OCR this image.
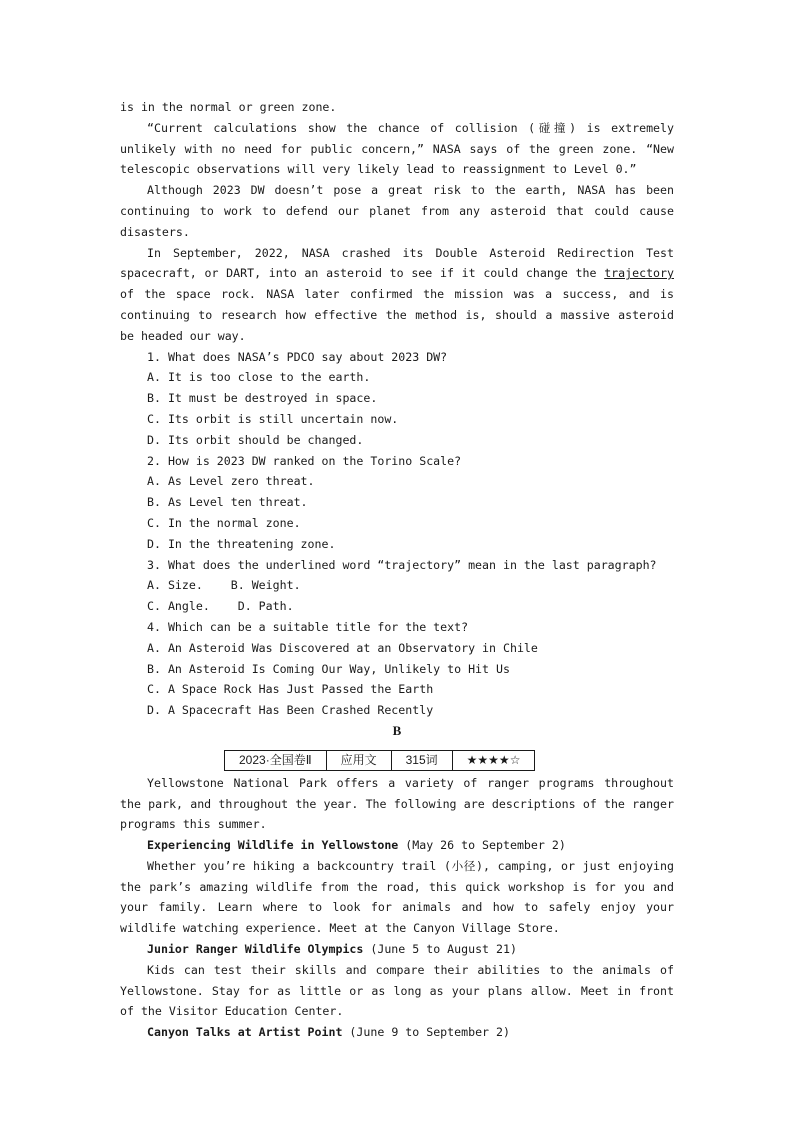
is in the normal or green zone.

“Current calculations show the chance of collision (碰撞) is extremely unlikely with no need for public concern,” NASA says of the green zone. “New telescopic observations will very likely lead to reassignment to Level 0.”

Although 2023 DW doesn’t pose a great risk to the earth, NASA has been continuing to work to defend our planet from any asteroid that could cause disasters.

In September, 2022, NASA crashed its Double Asteroid Redirection Test spacecraft, or DART, into an asteroid to see if it could change the trajectory of the space rock. NASA later confirmed the mission was a success, and is continuing to research how effective the method is, should a massive asteroid be headed our way.

1. What does NASA’s PDCO say about 2023 DW?

A. It is too close to the earth.

B. It must be destroyed in space.

C. Its orbit is still uncertain now.

D. Its orbit should be changed.

2. How is 2023 DW ranked on the Torino Scale?

A. As Level zero threat.

B. As Level ten threat.

C. In the normal zone.

D. In the threatening zone.

3. What does the underlined word “trajectory” mean in the last paragraph?

A. Size.    B. Weight.

C. Angle.    D. Path.

4. Which can be a suitable title for the text?

A. An Asteroid Was Discovered at an Observatory in Chile

B. An Asteroid Is Coming Our Way, Unlikely to Hit Us

C. A Space Rock Has Just Passed the Earth

D. A Spacecraft Has Been Crashed Recently

B

2023·全国卷Ⅱ	应用文	315词	★★★★☆

Yellowstone National Park offers a variety of ranger programs throughout the park, and throughout the year. The following are descriptions of the ranger programs this summer.

Experiencing Wildlife in Yellowstone (May 26 to September 2)

Whether you’re hiking a backcountry trail (小径), camping, or just enjoying the park’s amazing wildlife from the road, this quick workshop is for you and your family. Learn where to look for animals and how to safely enjoy your wildlife watching experience. Meet at the Canyon Village Store.

Junior Ranger Wildlife Olympics (June 5 to August 21)

Kids can test their skills and compare their abilities to the animals of Yellowstone. Stay for as little or as long as your plans allow. Meet in front of the Visitor Education Center.

Canyon Talks at Artist Point (June 9 to September 2)
